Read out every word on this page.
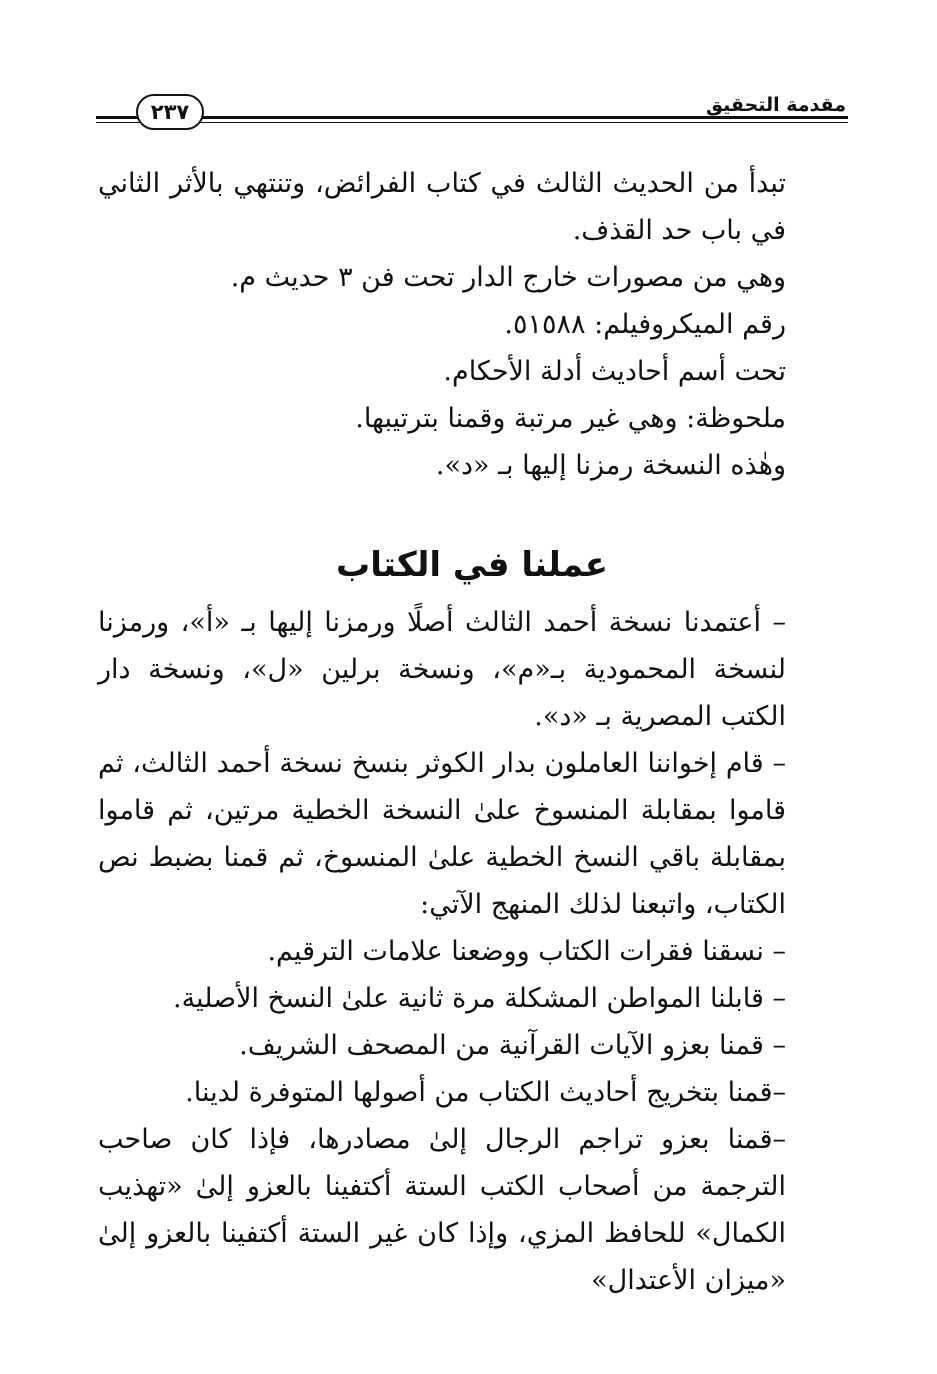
مقدمة التحقيق
٢٣٧

تبدأ من الحديث الثالث في كتاب الفرائض، وتنتهي بالأثر الثاني في باب حد القذف.

وهي من مصورات خارج الدار تحت فن ٣ حديث م.

رقم الميكروفيلم: ٥١٥٨٨.

تحت أسم أحاديث أدلة الأحكام.

ملحوظة: وهي غير مرتبة وقمنا بترتيبها.

وهٰذه النسخة رمزنا إليها بـ «د».

عملنا في الكتاب

– أعتمدنا نسخة أحمد الثالث أصلًا ورمزنا إليها بـ «أ»، ورمزنا لنسخة المحمودية بـ«م»، ونسخة برلين «ل»، ونسخة دار الكتب المصرية بـ «د».

– قام إخواننا العاملون بدار الكوثر بنسخ نسخة أحمد الثالث، ثم قاموا بمقابلة المنسوخ علىٰ النسخة الخطية مرتين، ثم قاموا بمقابلة باقي النسخ الخطية علىٰ المنسوخ، ثم قمنا بضبط نص الكتاب، واتبعنا لذلك المنهج الآتي:

– نسقنا فقرات الكتاب ووضعنا علامات الترقيم.

– قابلنا المواطن المشكلة مرة ثانية علىٰ النسخ الأصلية.

– قمنا بعزو الآيات القرآنية من المصحف الشريف.

–قمنا بتخريج أحاديث الكتاب من أصولها المتوفرة لدينا.

–قمنا بعزو تراجم الرجال إلىٰ مصادرها، فإذا كان صاحب الترجمة من أصحاب الكتب الستة أكتفينا بالعزو إلىٰ «تهذيب الكمال» للحافظ المزي، وإذا كان غير الستة أكتفينا بالعزو إلىٰ «ميزان الأعتدال»
